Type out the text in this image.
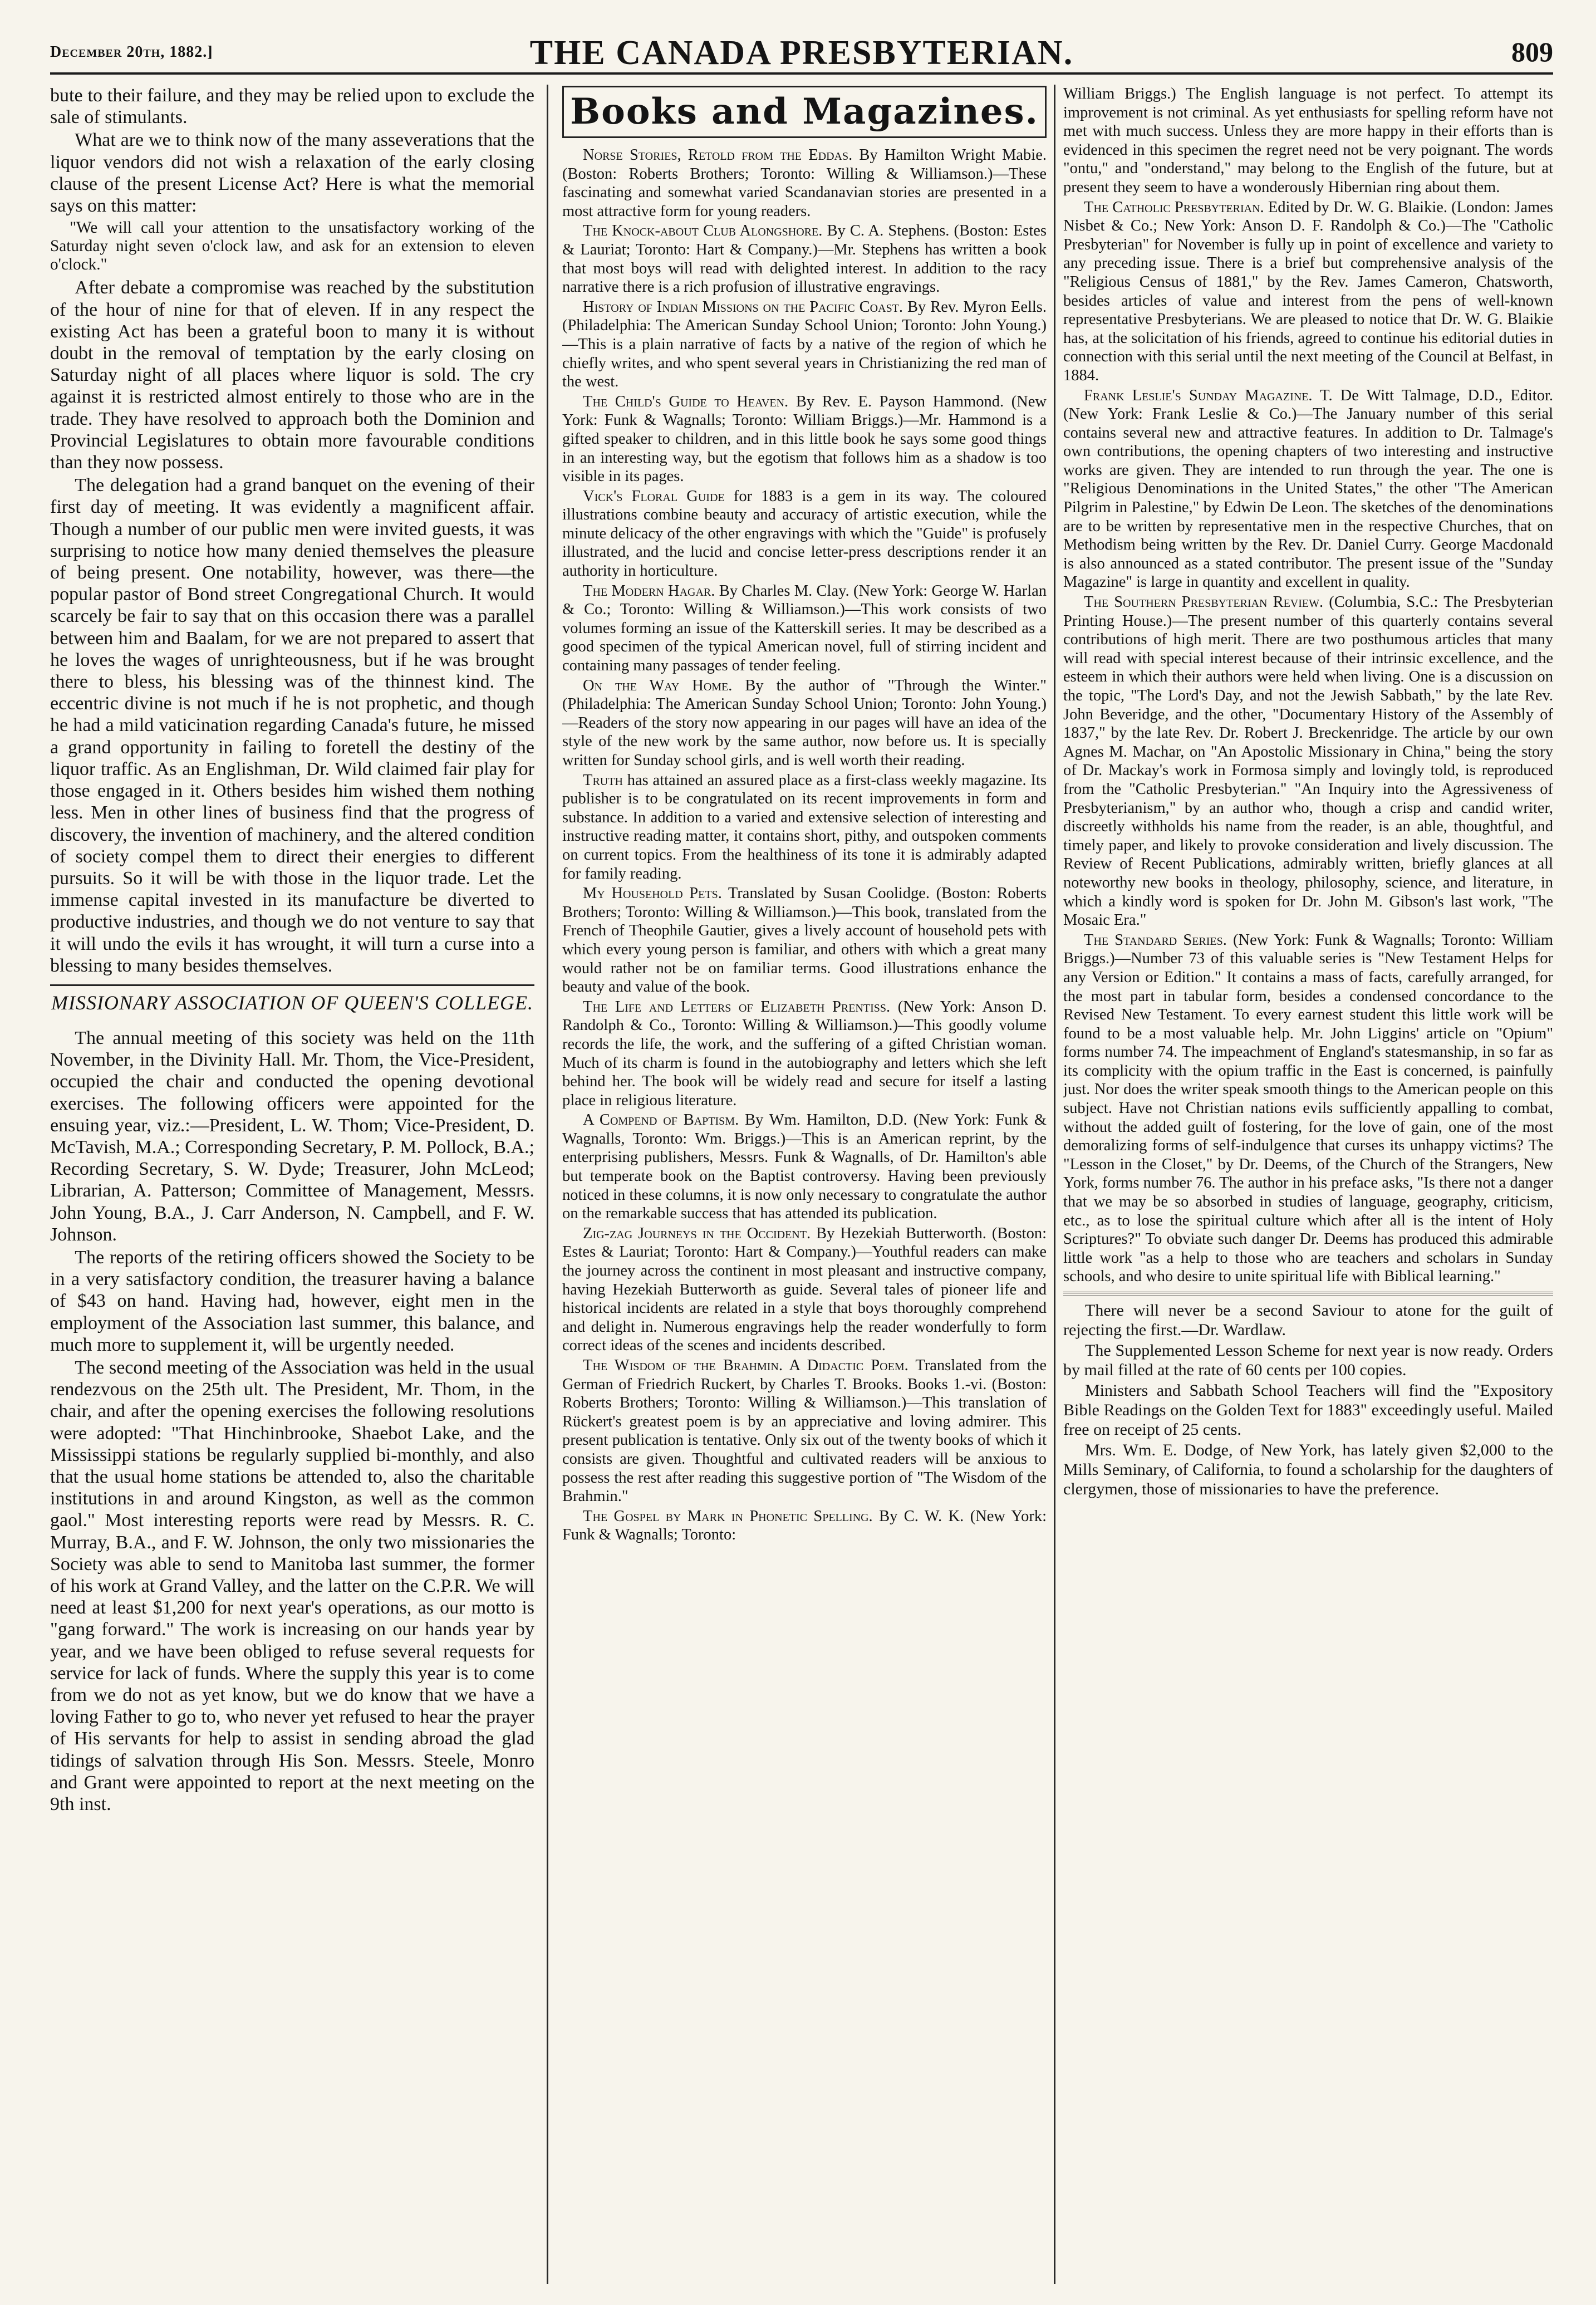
December 20th, 1882.]	THE CANADA PRESBYTERIAN.	809

bute to their failure, and they may be relied upon to exclude the sale of stimulants.

What are we to think now of the many asseverations that the liquor vendors did not wish a relaxation of the early closing clause of the present License Act? Here is what the memorial says on this matter:

"We will call your attention to the unsatisfactory working of the Saturday night seven o'clock law, and ask for an extension to eleven o'clock."

After debate a compromise was reached by the substitution of the hour of nine for that of eleven. If in any respect the existing Act has been a grateful boon to many it is without doubt in the removal of temptation by the early closing on Saturday night of all places where liquor is sold. The cry against it is restricted almost entirely to those who are in the trade. They have resolved to approach both the Dominion and Provincial Legislatures to obtain more favourable conditions than they now possess.

The delegation had a grand banquet on the evening of their first day of meeting. It was evidently a magnificent affair. Though a number of our public men were invited guests, it was surprising to notice how many denied themselves the pleasure of being present. One notability, however, was there—the popular pastor of Bond street Congregational Church. It would scarcely be fair to say that on this occasion there was a parallel between him and Baalam, for we are not prepared to assert that he loves the wages of unrighteousness, but if he was brought there to bless, his blessing was of the thinnest kind. The eccentric divine is not much if he is not prophetic, and though he had a mild vaticination regarding Canada's future, he missed a grand opportunity in failing to foretell the destiny of the liquor traffic. As an Englishman, Dr. Wild claimed fair play for those engaged in it. Others besides him wished them nothing less. Men in other lines of business find that the progress of discovery, the invention of machinery, and the altered condition of society compel them to direct their energies to different pursuits. So it will be with those in the liquor trade. Let the immense capital invested in its manufacture be diverted to productive industries, and though we do not venture to say that it will undo the evils it has wrought, it will turn a curse into a blessing to many besides themselves.

MISSIONARY ASSOCIATION OF QUEEN'S COLLEGE.

The annual meeting of this society was held on the 11th November, in the Divinity Hall. Mr. Thom, the Vice-President, occupied the chair and conducted the opening devotional exercises. The following officers were appointed for the ensuing year, viz.:—President, L. W. Thom; Vice-President, D. McTavish, M.A.; Corresponding Secretary, P. M. Pollock, B.A.; Recording Secretary, S. W. Dyde; Treasurer, John McLeod; Librarian, A. Patterson; Committee of Management, Messrs. John Young, B.A., J. Carr Anderson, N. Campbell, and F. W. Johnson.

The reports of the retiring officers showed the Society to be in a very satisfactory condition, the treasurer having a balance of $43 on hand. Having had, however, eight men in the employment of the Association last summer, this balance, and much more to supplement it, will be urgently needed.

The second meeting of the Association was held in the usual rendezvous on the 25th ult. The President, Mr. Thom, in the chair, and after the opening exercises the following resolutions were adopted: "That Hinchinbrooke, Shaebot Lake, and the Mississippi stations be regularly supplied bi-monthly, and also that the usual home stations be attended to, also the charitable institutions in and around Kingston, as well as the common gaol." Most interesting reports were read by Messrs. R. C. Murray, B.A., and F. W. Johnson, the only two missionaries the Society was able to send to Manitoba last summer, the former of his work at Grand Valley, and the latter on the C.P.R. We will need at least $1,200 for next year's operations, as our motto is "gang forward." The work is increasing on our hands year by year, and we have been obliged to refuse several requests for service for lack of funds. Where the supply this year is to come from we do not as yet know, but we do know that we have a loving Father to go to, who never yet refused to hear the prayer of His servants for help to assist in sending abroad the glad tidings of salvation through His Son. Messrs. Steele, Monro and Grant were appointed to report at the next meeting on the 9th inst.

Books and Magazines.

Norse Stories, Retold from the Eddas. By Hamilton Wright Mabie. (Boston: Roberts Brothers; Toronto: Willing & Williamson.)—These fascinating and somewhat varied Scandanavian stories are presented in a most attractive form for young readers.

The Knock-about Club Alongshore. By C. A. Stephens. (Boston: Estes & Lauriat; Toronto: Hart & Company.)—Mr. Stephens has written a book that most boys will read with delighted interest. In addition to the racy narrative there is a rich profusion of illustrative engravings.

History of Indian Missions on the Pacific Coast. By Rev. Myron Eells. (Philadelphia: The American Sunday School Union; Toronto: John Young.)—This is a plain narrative of facts by a native of the region of which he chiefly writes, and who spent several years in Christianizing the red man of the west.

The Child's Guide to Heaven. By Rev. E. Payson Hammond. (New York: Funk & Wagnalls; Toronto: William Briggs.)—Mr. Hammond is a gifted speaker to children, and in this little book he says some good things in an interesting way, but the egotism that follows him as a shadow is too visible in its pages.

Vick's Floral Guide for 1883 is a gem in its way. The coloured illustrations combine beauty and accuracy of artistic execution, while the minute delicacy of the other engravings with which the "Guide" is profusely illustrated, and the lucid and concise letter-press descriptions render it an authority in horticulture.

The Modern Hagar. By Charles M. Clay. (New York: George W. Harlan & Co.; Toronto: Willing & Williamson.)—This work consists of two volumes forming an issue of the Katterskill series. It may be described as a good specimen of the typical American novel, full of stirring incident and containing many passages of tender feeling.

On the Way Home. By the author of "Through the Winter." (Philadelphia: The American Sunday School Union; Toronto: John Young.)—Readers of the story now appearing in our pages will have an idea of the style of the new work by the same author, now before us. It is specially written for Sunday school girls, and is well worth their reading.

Truth has attained an assured place as a first-class weekly magazine. Its publisher is to be congratulated on its recent improvements in form and substance. In addition to a varied and extensive selection of interesting and instructive reading matter, it contains short, pithy, and outspoken comments on current topics. From the healthiness of its tone it is admirably adapted for family reading.

My Household Pets. Translated by Susan Coolidge. (Boston: Roberts Brothers; Toronto: Willing & Williamson.)—This book, translated from the French of Theophile Gautier, gives a lively account of household pets with which every young person is familiar, and others with which a great many would rather not be on familiar terms. Good illustrations enhance the beauty and value of the book.

The Life and Letters of Elizabeth Prentiss. (New York: Anson D. Randolph & Co., Toronto: Willing & Williamson.)—This goodly volume records the life, the work, and the suffering of a gifted Christian woman. Much of its charm is found in the autobiography and letters which she left behind her. The book will be widely read and secure for itself a lasting place in religious literature.

A Compend of Baptism. By Wm. Hamilton, D.D. (New York: Funk & Wagnalls, Toronto: Wm. Briggs.)—This is an American reprint, by the enterprising publishers, Messrs. Funk & Wagnalls, of Dr. Hamilton's able but temperate book on the Baptist controversy. Having been previously noticed in these columns, it is now only necessary to congratulate the author on the remarkable success that has attended its publication.

Zig-zag Journeys in the Occident. By Hezekiah Butterworth. (Boston: Estes & Lauriat; Toronto: Hart & Company.)—Youthful readers can make the journey across the continent in most pleasant and instructive company, having Hezekiah Butterworth as guide. Several tales of pioneer life and historical incidents are related in a style that boys thoroughly comprehend and delight in. Numerous engravings help the reader wonderfully to form correct ideas of the scenes and incidents described.

The Wisdom of the Brahmin. A Didactic Poem. Translated from the German of Friedrich Ruckert, by Charles T. Brooks. Books 1.-vi. (Boston: Roberts Brothers; Toronto: Willing & Williamson.)—This translation of Rückert's greatest poem is by an appreciative and loving admirer. This present publication is tentative. Only six out of the twenty books of which it consists are given. Thoughtful and cultivated readers will be anxious to possess the rest after reading this suggestive portion of "The Wisdom of the Brahmin."

The Gospel by Mark in Phonetic Spelling. By C. W. K. (New York: Funk & Wagnalls; Toronto:

William Briggs.) The English language is not perfect. To attempt its improvement is not criminal. As yet enthusiasts for spelling reform have not met with much success. Unless they are more happy in their efforts than is evidenced in this specimen the regret need not be very poignant. The words "ontu," and "onderstand," may belong to the English of the future, but at present they seem to have a wonderously Hibernian ring about them.

The Catholic Presbyterian. Edited by Dr. W. G. Blaikie. (London: James Nisbet & Co.; New York: Anson D. F. Randolph & Co.)—The "Catholic Presbyterian" for November is fully up in point of excellence and variety to any preceding issue. There is a brief but comprehensive analysis of the "Religious Census of 1881," by the Rev. James Cameron, Chatsworth, besides articles of value and interest from the pens of well-known representative Presbyterians. We are pleased to notice that Dr. W. G. Blaikie has, at the solicitation of his friends, agreed to continue his editorial duties in connection with this serial until the next meeting of the Council at Belfast, in 1884.

Frank Leslie's Sunday Magazine. T. De Witt Talmage, D.D., Editor. (New York: Frank Leslie & Co.)—The January number of this serial contains several new and attractive features. In addition to Dr. Talmage's own contributions, the opening chapters of two interesting and instructive works are given. They are intended to run through the year. The one is "Religious Denominations in the United States," the other "The American Pilgrim in Palestine," by Edwin De Leon. The sketches of the denominations are to be written by representative men in the respective Churches, that on Methodism being written by the Rev. Dr. Daniel Curry. George Macdonald is also announced as a stated contributor. The present issue of the "Sunday Magazine" is large in quantity and excellent in quality.

The Southern Presbyterian Review. (Columbia, S.C.: The Presbyterian Printing House.)—The present number of this quarterly contains several contributions of high merit. There are two posthumous articles that many will read with special interest because of their intrinsic excellence, and the esteem in which their authors were held when living. One is a discussion on the topic, "The Lord's Day, and not the Jewish Sabbath," by the late Rev. John Beveridge, and the other, "Documentary History of the Assembly of 1837," by the late Rev. Dr. Robert J. Breckenridge. The article by our own Agnes M. Machar, on "An Apostolic Missionary in China," being the story of Dr. Mackay's work in Formosa simply and lovingly told, is reproduced from the "Catholic Presbyterian." "An Inquiry into the Agressiveness of Presbyterianism," by an author who, though a crisp and candid writer, discreetly withholds his name from the reader, is an able, thoughtful, and timely paper, and likely to provoke consideration and lively discussion. The Review of Recent Publications, admirably written, briefly glances at all noteworthy new books in theology, philosophy, science, and literature, in which a kindly word is spoken for Dr. John M. Gibson's last work, "The Mosaic Era."

The Standard Series. (New York: Funk & Wagnalls; Toronto: William Briggs.)—Number 73 of this valuable series is "New Testament Helps for any Version or Edition." It contains a mass of facts, carefully arranged, for the most part in tabular form, besides a condensed concordance to the Revised New Testament. To every earnest student this little work will be found to be a most valuable help. Mr. John Liggins' article on "Opium" forms number 74. The impeachment of England's statesmanship, in so far as its complicity with the opium traffic in the East is concerned, is painfully just. Nor does the writer speak smooth things to the American people on this subject. Have not Christian nations evils sufficiently appalling to combat, without the added guilt of fostering, for the love of gain, one of the most demoralizing forms of self-indulgence that curses its unhappy victims? The "Lesson in the Closet," by Dr. Deems, of the Church of the Strangers, New York, forms number 76. The author in his preface asks, "Is there not a danger that we may be so absorbed in studies of language, geography, criticism, etc., as to lose the spiritual culture which after all is the intent of Holy Scriptures?" To obviate such danger Dr. Deems has produced this admirable little work "as a help to those who are teachers and scholars in Sunday schools, and who desire to unite spiritual life with Biblical learning."

There will never be a second Saviour to atone for the guilt of rejecting the first.—Dr. Wardlaw.

The Supplemented Lesson Scheme for next year is now ready. Orders by mail filled at the rate of 60 cents per 100 copies.

Ministers and Sabbath School Teachers will find the "Expository Bible Readings on the Golden Text for 1883" exceedingly useful. Mailed free on receipt of 25 cents.

Mrs. Wm. E. Dodge, of New York, has lately given $2,000 to the Mills Seminary, of California, to found a scholarship for the daughters of clergymen, those of missionaries to have the preference.
